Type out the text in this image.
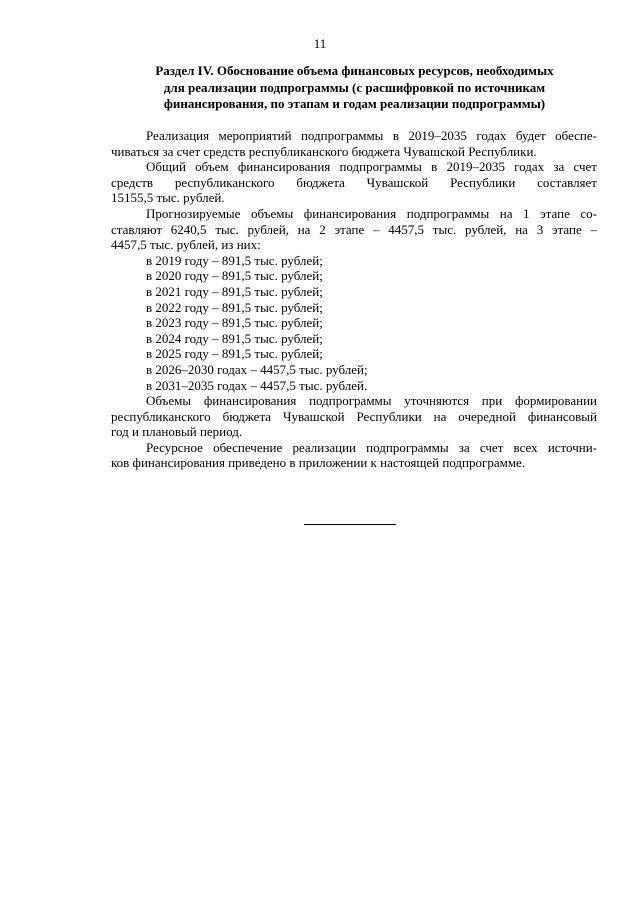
11
Раздел IV. Обоснование объема финансовых ресурсов, необходимых
для реализации подпрограммы (с расшифровкой по источникам
финансирования, по этапам и годам реализации подпрограммы)

Реализация мероприятий подпрограммы в 2019–2035 годах будет обеспе-
чиваться за счет средств республиканского бюджета Чувашской Республики.

Общий объем финансирования подпрограммы в 2019–2035 годах за счет
средств республиканского бюджета Чувашской Республики составляет
15155,5 тыс. рублей.

Прогнозируемые объемы финансирования подпрограммы на 1 этапе со-
ставляют 6240,5 тыс. рублей, на 2 этапе – 4457,5 тыс. рублей, на 3 этапе –
4457,5 тыс. рублей, из них:

в 2019 году – 891,5 тыс. рублей;
в 2020 году – 891,5 тыс. рублей;
в 2021 году – 891,5 тыс. рублей;
в 2022 году – 891,5 тыс. рублей;
в 2023 году – 891,5 тыс. рублей;
в 2024 году – 891,5 тыс. рублей;
в 2025 году – 891,5 тыс. рублей;
в 2026–2030 годах – 4457,5 тыс. рублей;
в 2031–2035 годах – 4457,5 тыс. рублей.

Объемы финансирования подпрограммы уточняются при формировании
республиканского бюджета Чувашской Республики на очередной финансовый
год и плановый период.

Ресурсное обеспечение реализации подпрограммы за счет всех источни-
ков финансирования приведено в приложении к настоящей подпрограмме.
